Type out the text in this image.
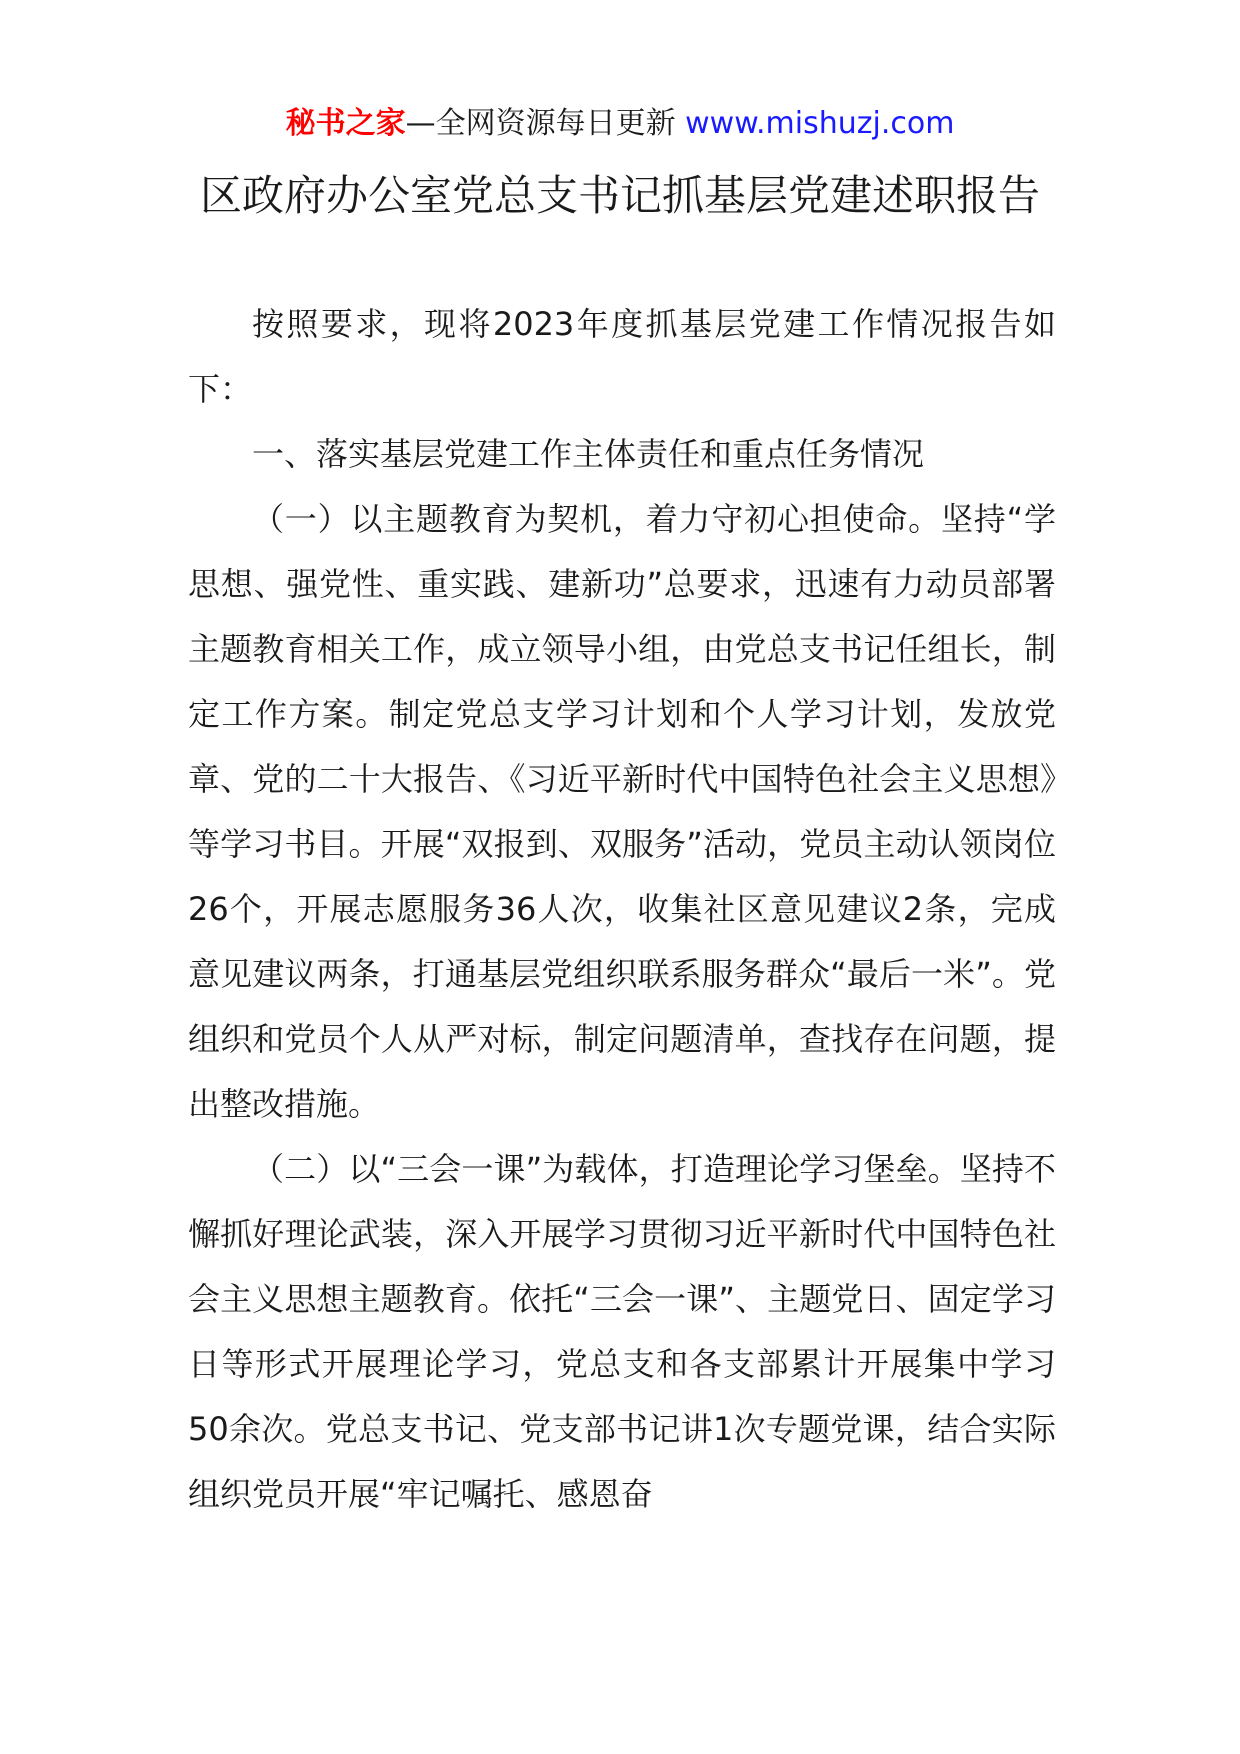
秘书之家—全网资源每日更新 www.mishuzj.com
区政府办公室党总支书记抓基层党建述职报告

按照要求，现将2023年度抓基层党建工作情况报告如下：

一、落实基层党建工作主体责任和重点任务情况

（一）以主题教育为契机，着力守初心担使命。坚持“学思想、强党性、重实践、建新功”总要求，迅速有力动员部署主题教育相关工作，成立领导小组，由党总支书记任组长，制定工作方案。制定党总支学习计划和个人学习计划，发放党章、党的二十大报告、《习近平新时代中国特色社会主义思想》等学习书目。开展“双报到、双服务”活动，党员主动认领岗位26个，开展志愿服务36人次，收集社区意见建议2条，完成意见建议两条，打通基层党组织联系服务群众“最后一米”。党组织和党员个人从严对标，制定问题清单，查找存在问题，提出整改措施。

（二）以“三会一课”为载体，打造理论学习堡垒。坚持不懈抓好理论武装，深入开展学习贯彻习近平新时代中国特色社会主义思想主题教育。依托“三会一课”、主题党日、固定学习日等形式开展理论学习，党总支和各支部累计开展集中学习50余次。党总支书记、党支部书记讲1次专题党课，结合实际组织党员开展“牢记嘱托、感恩奋
